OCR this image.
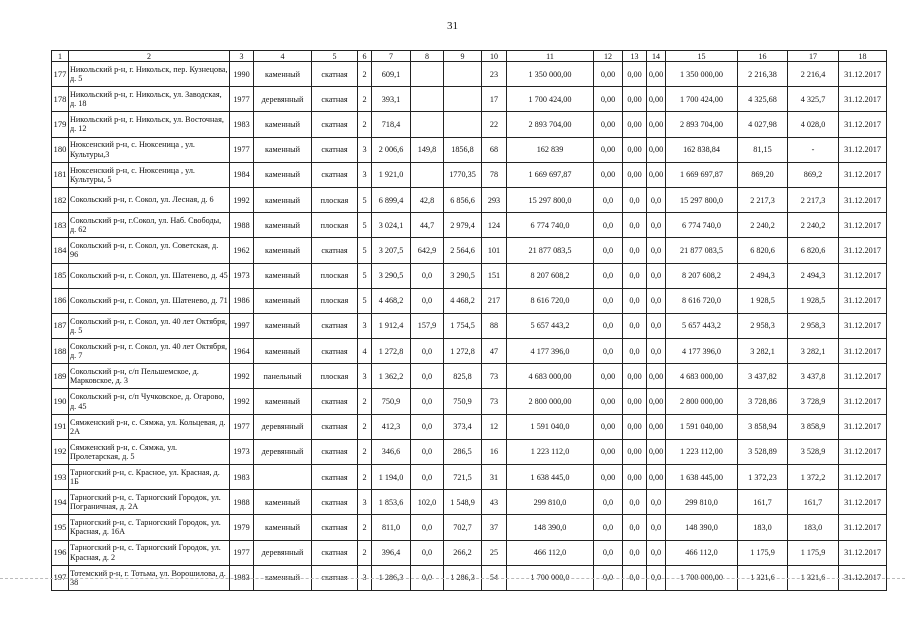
31
1	2	3	4	5	6	7	8	9	10	11	12	13	14	15	16	17	18
177	Никольский р-н, г. Никольск, пер. Кузнецова, д. 5	1990	каменный	скатная	2	609,1			23	1 350 000,00	0,00	0,00	0,00	1 350 000,00	2 216,38	2 216,4	31.12.2017
178	Никольский р-н, г. Никольск, ул. Заводская, д. 18	1977	деревянный	скатная	2	393,1			17	1 700 424,00	0,00	0,00	0,00	1 700 424,00	4 325,68	4 325,7	31.12.2017
179	Никольский р-н, г. Никольск, ул. Восточная, д. 12	1983	каменный	скатная	2	718,4			22	2 893 704,00	0,00	0,00	0,00	2 893 704,00	4 027,98	4 028,0	31.12.2017
180	Нюксенский р-н, с. Нюксеница , ул. Культуры,3	1977	каменный	скатная	3	2 006,6	149,8	1856,8	68	162 839	0,00	0,00	0,00	162 838,84	81,15	-	31.12.2017
181	Нюксенский р-н, с. Нюксеница , ул. Культуры, 5	1984	каменный	скатная	3	1 921,0		1770,35	78	1 669 697,87	0,00	0,00	0,00	1 669 697,87	869,20	869,2	31.12.2017
182	Сокольский р-н, г. Сокол, ул. Лесная, д. 6	1992	каменный	плоская	5	6 899,4	42,8	6 856,6	293	15 297 800,0	0,0	0,0	0,0	15 297 800,0	2 217,3	2 217,3	31.12.2017
183	Сокольский р-н, г.Сокол, ул. Наб. Свободы, д. 62	1988	каменный	плоская	5	3 024,1	44,7	2 979,4	124	6 774 740,0	0,0	0,0	0,0	6 774 740,0	2 240,2	2 240,2	31.12.2017
184	Сокольский р-н, г. Сокол, ул. Советская, д. 96	1962	каменный	скатная	5	3 207,5	642,9	2 564,6	101	21 877 083,5	0,0	0,0	0,0	21 877 083,5	6 820,6	6 820,6	31.12.2017
185	Сокольский р-н, г. Сокол, ул. Шатенево, д. 45	1973	каменный	плоская	5	3 290,5	0,0	3 290,5	151	8 207 608,2	0,0	0,0	0,0	8 207 608,2	2 494,3	2 494,3	31.12.2017
186	Сокольский р-н, г. Сокол, ул. Шатенево, д. 71	1986	каменный	плоская	5	4 468,2	0,0	4 468,2	217	8 616 720,0	0,0	0,0	0,0	8 616 720,0	1 928,5	1 928,5	31.12.2017
187	Сокольский р-н, г. Сокол, ул. 40 лет Октября, д. 5	1997	каменный	скатная	3	1 912,4	157,9	1 754,5	88	5 657 443,2	0,0	0,0	0,0	5 657 443,2	2 958,3	2 958,3	31.12.2017
188	Сокольский р-н, г. Сокол, ул. 40 лет Октября, д. 7	1964	каменный	скатная	4	1 272,8	0,0	1 272,8	47	4 177 396,0	0,0	0,0	0,0	4 177 396,0	3 282,1	3 282,1	31.12.2017
189	Сокольский р-н, с/п Пельшемское, д. Марковское, д. 3	1992	панельный	плоская	3	1 362,2	0,0	825,8	73	4 683 000,00	0,00	0,00	0,00	4 683 000,00	3 437,82	3 437,8	31.12.2017
190	Сокольский р-н, с/п Чучковское, д. Огарово, д. 45	1992	каменный	скатная	2	750,9	0,0	750,9	73	2 800 000,00	0,00	0,00	0,00	2 800 000,00	3 728,86	3 728,9	31.12.2017
191	Сямженский р-н, с. Сямжа, ул. Кольцевая, д. 2А	1977	деревянный	скатная	2	412,3	0,0	373,4	12	1 591 040,0	0,00	0,00	0,00	1 591 040,00	3 858,94	3 858,9	31.12.2017
192	Сямженский р-н, с. Сямжа, ул. Пролетарская, д. 5	1973	деревянный	скатная	2	346,6	0,0	286,5	16	1 223 112,0	0,00	0,00	0,00	1 223 112,00	3 528,89	3 528,9	31.12.2017
193	Тарногский р-н, с. Красное, ул. Красная, д. 1Б	1983		скатная	2	1 194,0	0,0	721,5	31	1 638 445,0	0,00	0,00	0,00	1 638 445,00	1 372,23	1 372,2	31.12.2017
194	Тарногский р-н, с. Тарногский Городок, ул. Пограничная, д. 2А	1988	каменный	скатная	3	1 853,6	102,0	1 548,9	43	299 810,0	0,0	0,0	0,0	299 810,0	161,7	161,7	31.12.2017
195	Тарногский р-н, с. Тарногский Городок, ул. Красная, д. 16А	1979	каменный	скатная	2	811,0	0,0	702,7	37	148 390,0	0,0	0,0	0,0	148 390,0	183,0	183,0	31.12.2017
196	Тарногский р-н, с. Тарногский Городок, ул. Красная, д. 2	1977	деревянный	скатная	2	396,4	0,0	266,2	25	466 112,0	0,0	0,0	0,0	466 112,0	1 175,9	1 175,9	31.12.2017
197	Тотемский р-н, г. Тотьма, ул. Ворошилова, д. 38	1983	каменный	скатная	3	1 286,3	0,0	1 286,3	54	1 700 000,0	0,0	0,0	0,0	1 700 000,00	1 321,6	1 321,6	31.12.2017
